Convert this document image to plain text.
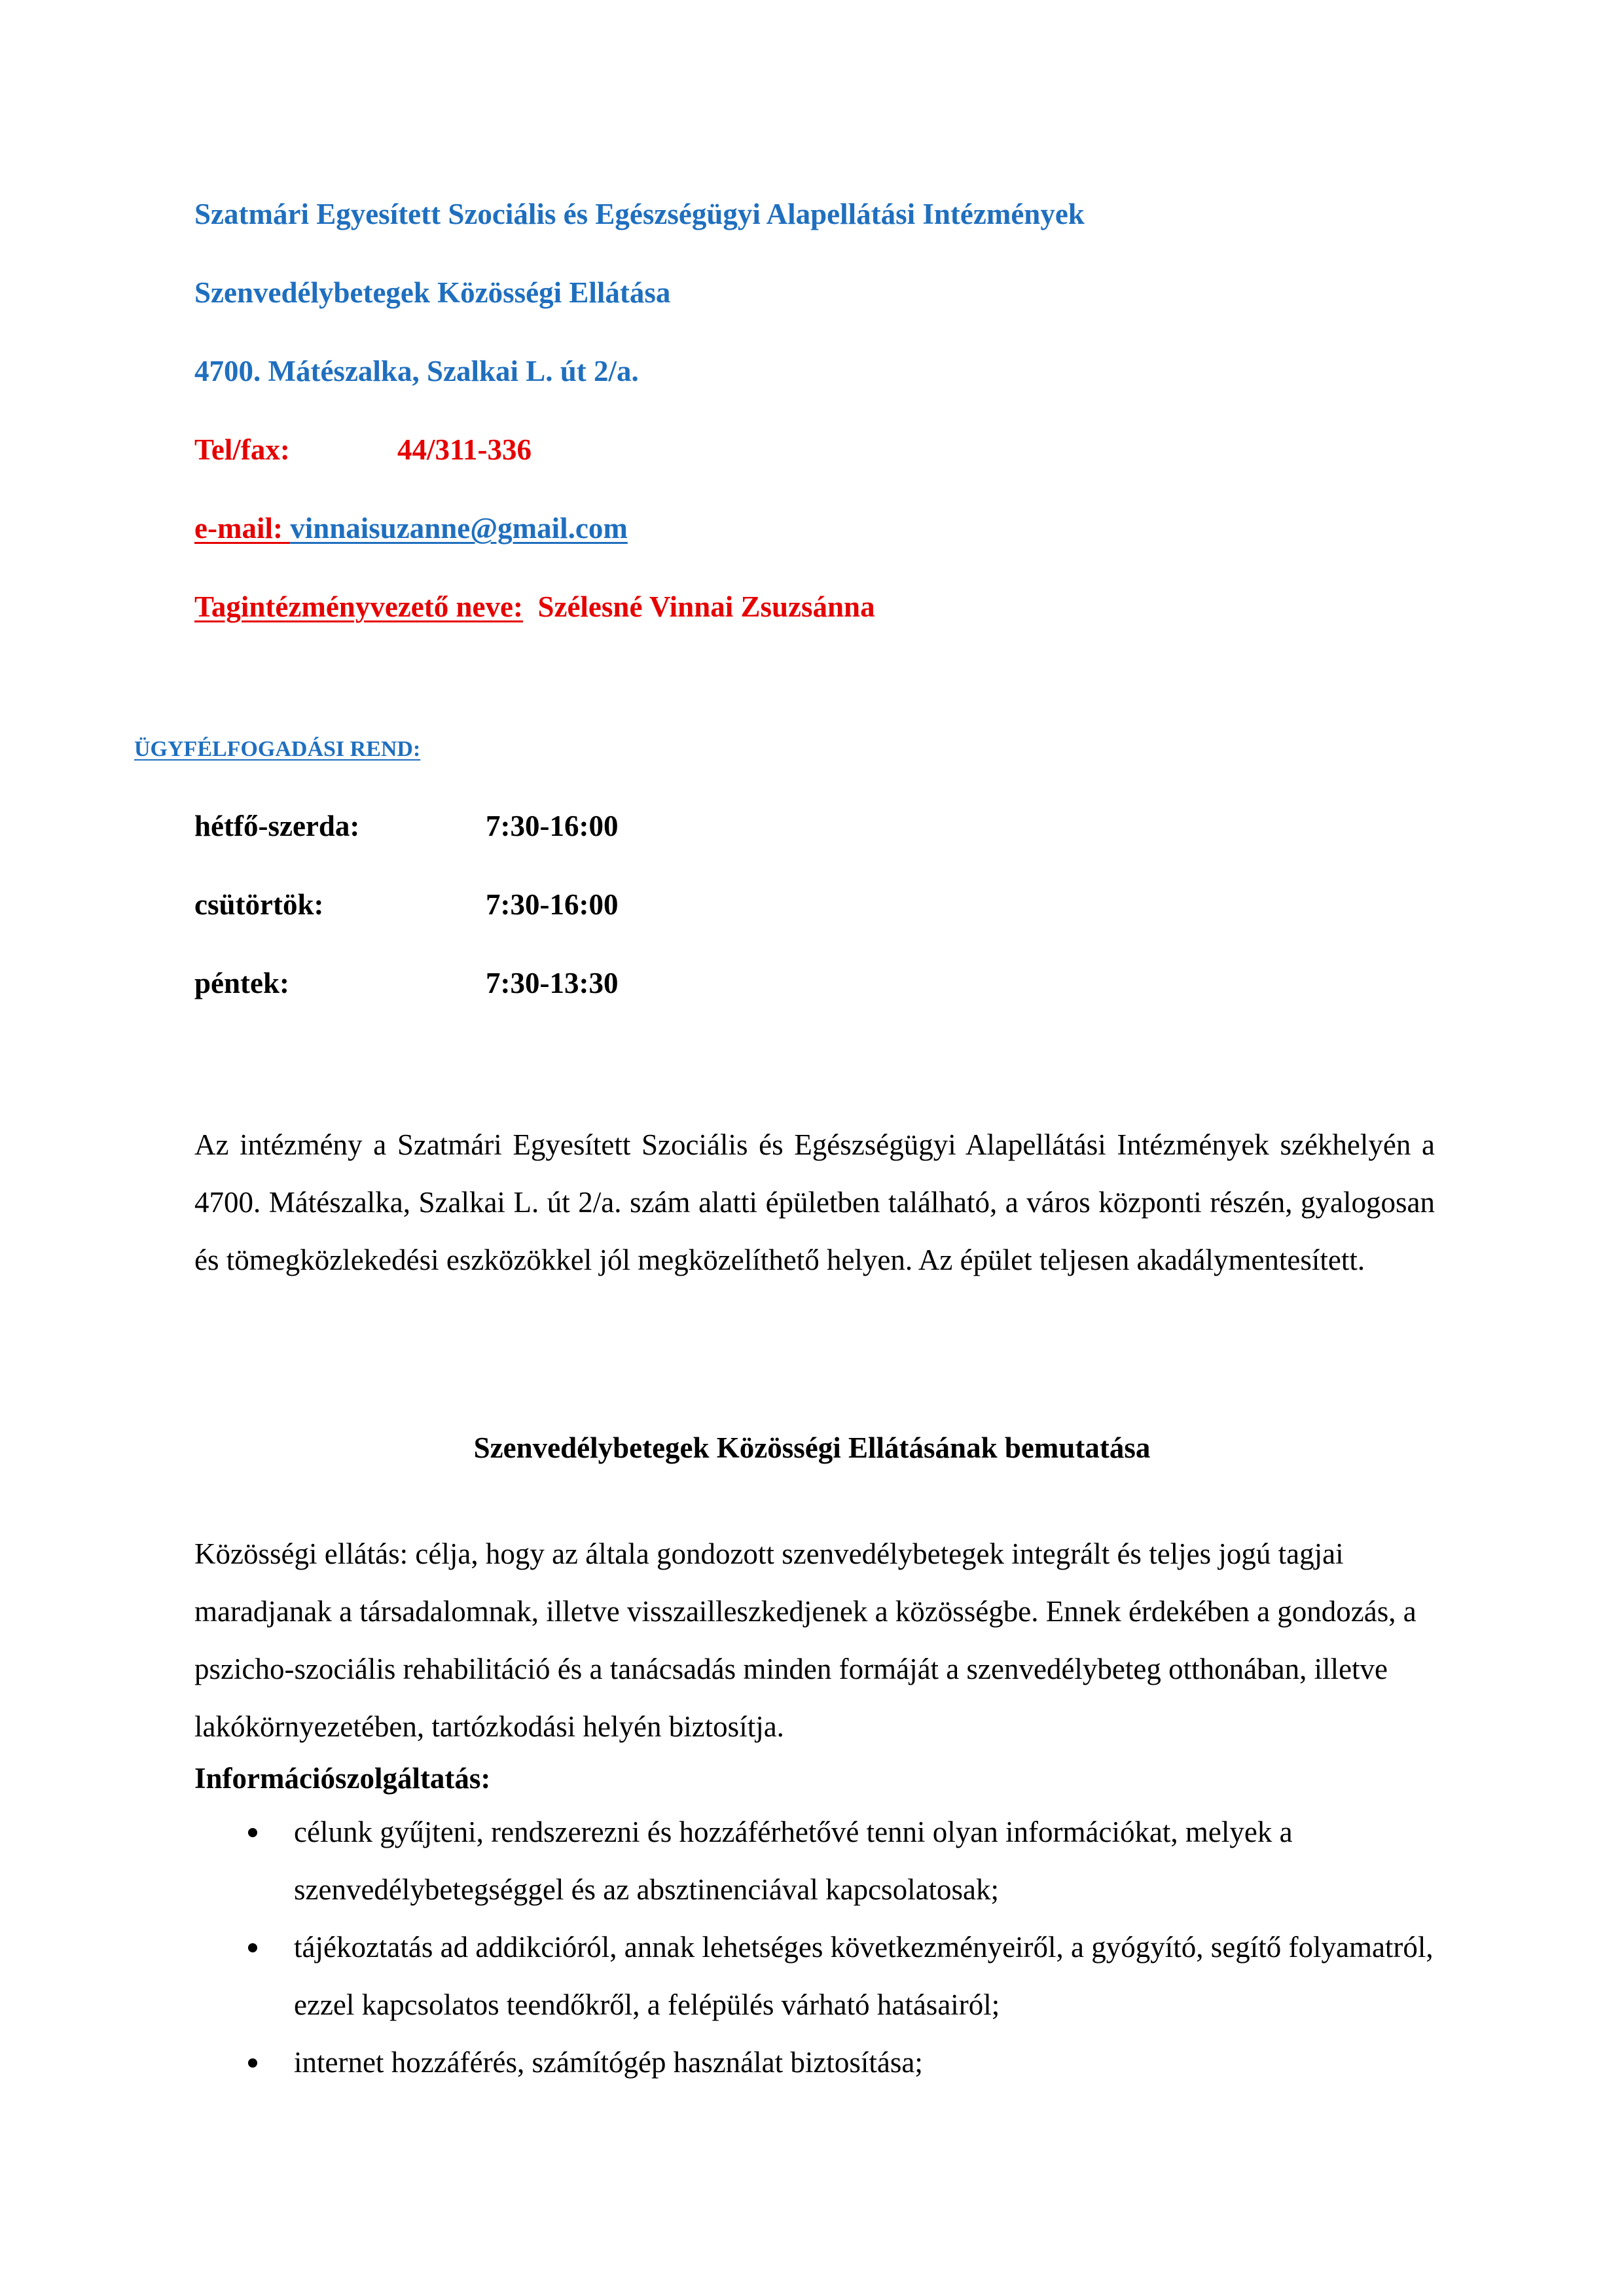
Szatmári Egyesített Szociális és Egészségügyi Alapellátási Intézmények
Szenvedélybetegek Közösségi Ellátása
4700. Mátészalka, Szalkai L. út 2/a.
Tel/fax:	44/311-336
e-mail: vinnaisuzanne@gmail.com
Tagintézményvezető neve: Szélesné Vinnai Zsuzsánna
ÜGYFÉLFOGADÁSI REND:
hétfő-szerda:	7:30-16:00
csütörtök:	7:30-16:00
péntek:	7:30-13:30
Az intézmény a Szatmári Egyesített Szociális és Egészségügyi Alapellátási Intézmények székhelyén a 4700. Mátészalka, Szalkai L. út 2/a. szám alatti épületben található, a város központi részén, gyalogosan és tömegközlekedési eszközökkel jól megközelíthető helyen. Az épület teljesen akadálymentesített.
Szenvedélybetegek Közösségi Ellátásának bemutatása
Közösségi ellátás: célja, hogy az általa gondozott szenvedélybetegek integrált és teljes jogú tagjai maradjanak a társadalomnak, illetve visszailleszkedjenek a közösségbe. Ennek érdekében a gondozás, a pszicho-szociális rehabilitáció és a tanácsadás minden formáját a szenvedélybeteg otthonában, illetve lakókörnyezetében, tartózkodási helyén biztosítja.
Információszolgáltatás:
célunk gyűjteni, rendszerezni és hozzáférhetővé tenni olyan információkat, melyek a szenvedélybetegséggel és az absztinenciával kapcsolatosak;
tájékoztatás ad addikcióról, annak lehetséges következményeiről, a gyógyító, segítő folyamatról, ezzel kapcsolatos teendőkről, a felépülés várható hatásairól;
internet hozzáférés, számítógép használat biztosítása;
